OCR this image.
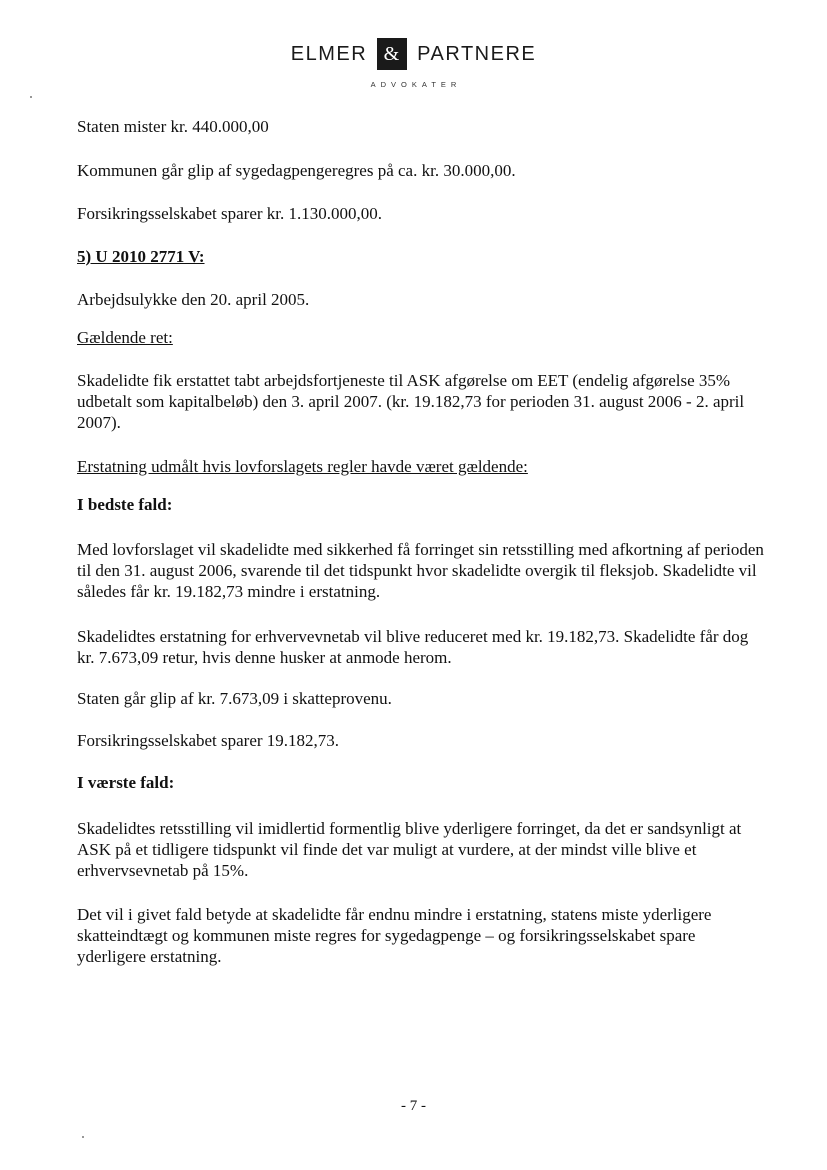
ELMER & PARTNERE
ADVOKATER

Staten mister kr. 440.000,00

Kommunen går glip af sygedagpengeregres på ca. kr. 30.000,00.

Forsikringsselskabet sparer kr. 1.130.000,00.

5) U 2010 2771 V:

Arbejdsulykke den 20. april 2005.

Gældende ret:

Skadelidte fik erstattet tabt arbejdsfortjeneste til ASK afgørelse om EET (endelig afgørelse 35% udbetalt som kapitalbeløb) den 3. april 2007. (kr. 19.182,73 for perioden 31. august 2006 - 2. april 2007).

Erstatning udmålt hvis lovforslagets regler havde været gældende:

I bedste fald:

Med lovforslaget vil skadelidte med sikkerhed få forringet sin retsstilling med afkortning af perioden til den 31. august 2006, svarende til det tidspunkt hvor skadelidte overgik til fleksjob. Skadelidte vil således får kr. 19.182,73 mindre i erstatning.

Skadelidtes erstatning for erhvervevnetab vil blive reduceret med kr. 19.182,73. Skadelidte får dog kr. 7.673,09 retur, hvis denne husker at anmode herom.

Staten går glip af kr. 7.673,09 i skatteprovenu.

Forsikringsselskabet sparer 19.182,73.

I værste fald:

Skadelidtes retsstilling vil imidlertid formentlig blive yderligere forringet, da det er sandsynligt at ASK på et tidligere tidspunkt vil finde det var muligt at vurdere, at der mindst ville blive et erhvervsevnetab på 15%.

Det vil i givet fald betyde at skadelidte får endnu mindre i erstatning, statens miste yderligere skatteindtægt og kommunen miste regres for sygedagpenge – og forsikringsselskabet spare yderligere erstatning.

- 7 -
